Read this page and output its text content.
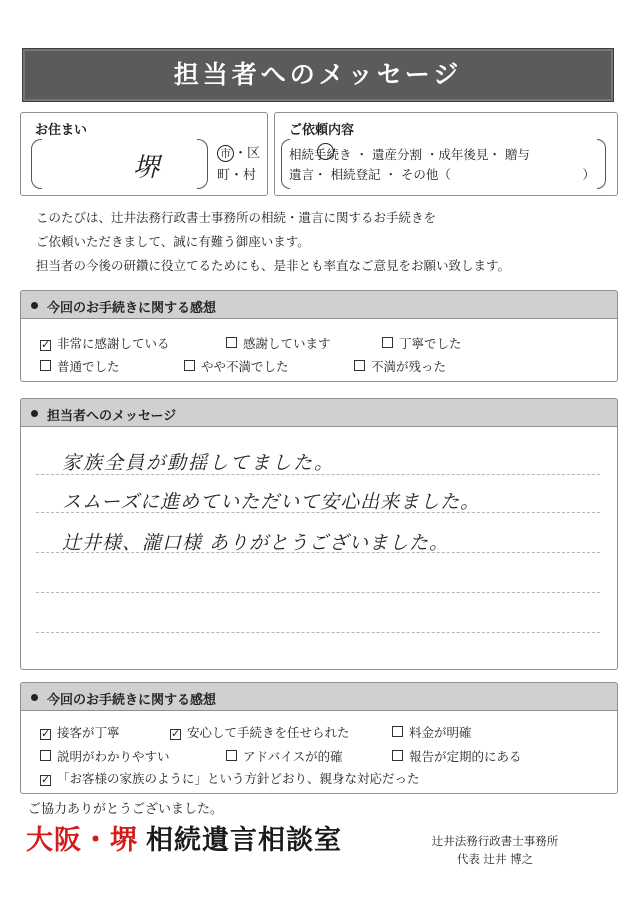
担当者へのメッセージ
お住まい
堺	市 ・区
町・村
ご依頼内容
相続手続き ・ 遺産分割 ・成年後見・ 贈与
遺言・ 相続登記 ・ その他（	）
このたびは、辻井法務行政書士事務所の相続・遺言に関するお手続きを
ご依頼いただきまして、誠に有難う御座います。
担当者の今後の研鑽に役立てるためにも、是非とも率直なご意見をお願い致します。
今回のお手続きに関する感想
✓ 非常に感謝している	感謝しています	丁寧でした
普通でした	やや不満でした	不満が残った
担当者へのメッセージ
家族全員が動揺してました。
スムーズに進めていただいて安心出来ました。
辻井様、瀧口様 ありがとうございました。
今回のお手続きに関する感想
✓ 接客が丁寧	✓ 安心して手続きを任せられた	料金が明確
説明がわかりやすい	アドバイスが的確	報告が定期的にある
✓ 「お客様の家族のように」という方針どおり、親身な対応だった
ご協力ありがとうございました。
大阪・堺 相続遺言相談室	辻井法務行政書士事務所
代表 辻井 博之
